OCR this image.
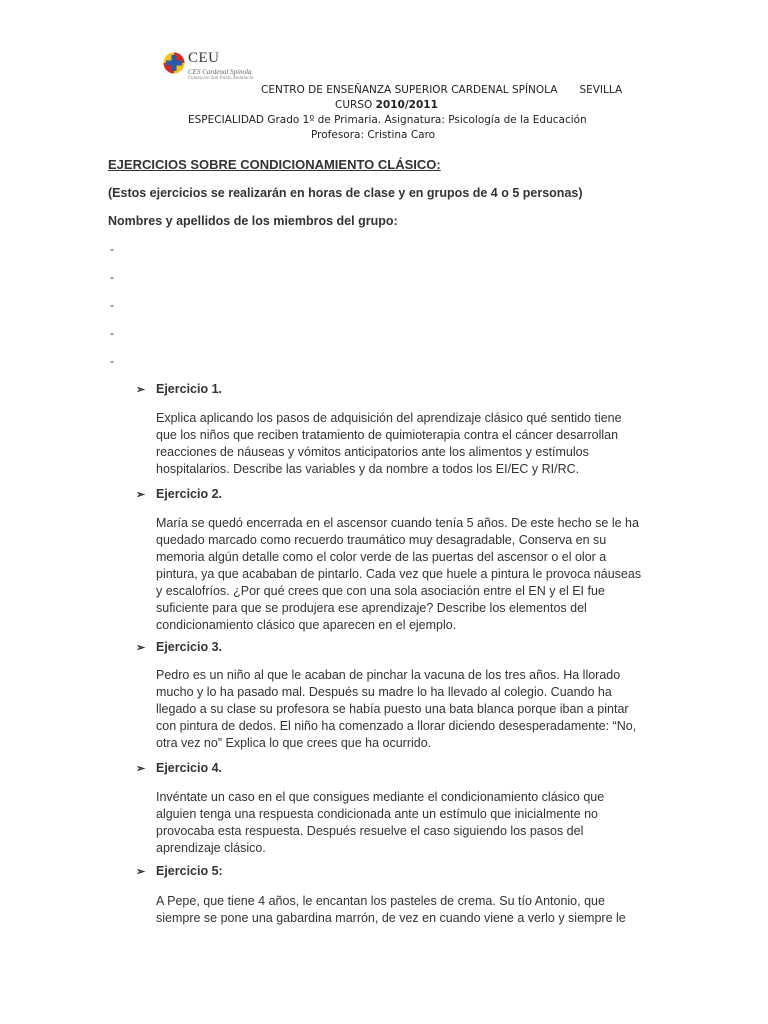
CEU
CES Cardenal Spínola
Fundación San Pablo Andalucía
CENTRO DE ENSEÑANZA SUPERIOR CARDENAL SPÍNOLA SEVILLA
CURSO 2010/2011
ESPECIALIDAD Grado 1º de Primaria. Asignatura: Psicología de la Educación
Profesora: Cristina Caro
EJERCICIOS SOBRE CONDICIONAMIENTO CLÁSICO:
(Estos ejercicios se realizarán en horas de clase y en grupos de 4 o 5 personas)
Nombres y apellidos de los miembros del grupo:
-
-
-
-
-
➢ Ejercicio 1.
Explica aplicando los pasos de adquisición del aprendizaje clásico qué sentido tiene
que los niños que reciben tratamiento de quimioterapia contra el cáncer desarrollan
reacciones de náuseas y vómitos anticipatorios ante los alimentos y estímulos
hospitalarios. Describe las variables y da nombre a todos los EI/EC y RI/RC.
➢ Ejercicio 2.
María se quedó encerrada en el ascensor cuando tenía 5 años. De este hecho se le ha
quedado marcado como recuerdo traumático muy desagradable, Conserva en su
memoria algún detalle como el color verde de las puertas del ascensor o el olor a
pintura, ya que acababan de pintarlo. Cada vez que huele a pintura le provoca náuseas
y escalofríos. ¿Por qué crees que con una sola asociación entre el EN y el EI fue
suficiente para que se produjera ese aprendizaje? Describe los elementos del
condicionamiento clásico que aparecen en el ejemplo.
➢ Ejercicio 3.
Pedro es un niño al que le acaban de pinchar la vacuna de los tres años. Ha llorado
mucho y lo ha pasado mal. Después su madre lo ha llevado al colegio. Cuando ha
llegado a su clase su profesora se había puesto una bata blanca porque iban a pintar
con pintura de dedos. El niño ha comenzado a llorar diciendo desesperadamente: “No,
otra vez no” Explica lo que crees que ha ocurrido.
➢ Ejercicio 4.
Invéntate un caso en el que consigues mediante el condicionamiento clásico que
alguien tenga una respuesta condicionada ante un estímulo que inicialmente no
provocaba esta respuesta. Después resuelve el caso siguiendo los pasos del
aprendizaje clásico.
➢ Ejercicio 5:
A Pepe, que tiene 4 años, le encantan los pasteles de crema. Su tío Antonio, que
siempre se pone una gabardina marrón, de vez en cuando viene a verlo y siempre le
